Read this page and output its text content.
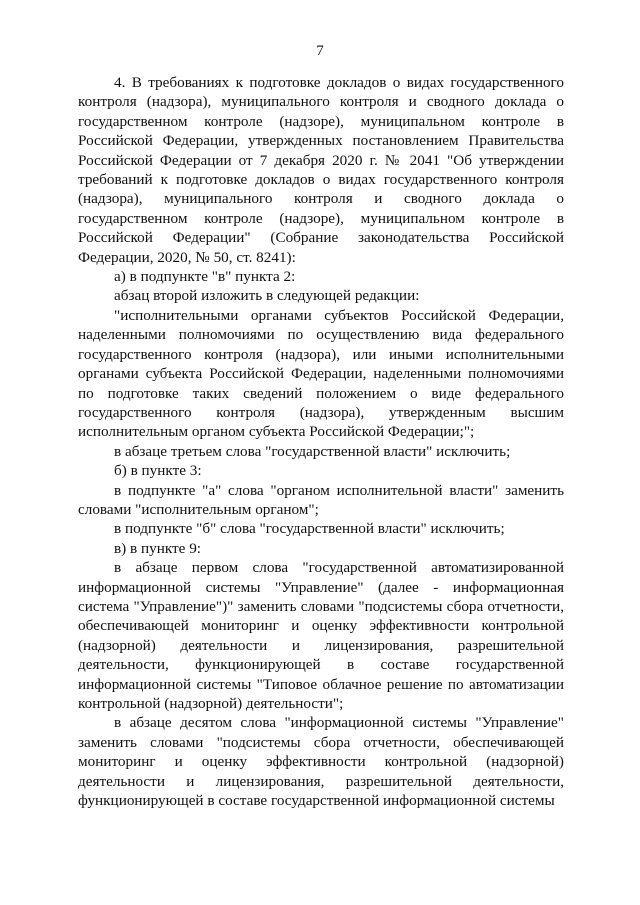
7

4. В требованиях к подготовке докладов о видах государственного контроля (надзора), муниципального контроля и сводного доклада о государственном контроле (надзоре), муниципальном контроле в Российской Федерации, утвержденных постановлением Правительства Российской Федерации от 7 декабря 2020 г. № 2041 "Об утверждении требований к подготовке докладов о видах государственного контроля (надзора), муниципального контроля и сводного доклада о государственном контроле (надзоре), муниципальном контроле в Российской Федерации" (Собрание законодательства Российской Федерации, 2020, № 50, ст. 8241):

а) в подпункте "в" пункта 2:

абзац второй изложить в следующей редакции:

"исполнительными органами субъектов Российской Федерации, наделенными полномочиями по осуществлению вида федерального государственного контроля (надзора), или иными исполнительными органами субъекта Российской Федерации, наделенными полномочиями по подготовке таких сведений положением о виде федерального государственного контроля (надзора), утвержденным высшим исполнительным органом субъекта Российской Федерации;";

в абзаце третьем слова "государственной власти" исключить;

б) в пункте 3:

в подпункте "а" слова "органом исполнительной власти" заменить словами "исполнительным органом";

в подпункте "б" слова "государственной власти" исключить;

в) в пункте 9:

в абзаце первом слова "государственной автоматизированной информационной системы "Управление" (далее - информационная система "Управление")" заменить словами "подсистемы сбора отчетности, обеспечивающей мониторинг и оценку эффективности контрольной (надзорной) деятельности и лицензирования, разрешительной деятельности, функционирующей в составе государственной информационной системы "Типовое облачное решение по автоматизации контрольной (надзорной) деятельности";

в абзаце десятом слова "информационной системы "Управление" заменить словами "подсистемы сбора отчетности, обеспечивающей мониторинг и оценку эффективности контрольной (надзорной) деятельности и лицензирования, разрешительной деятельности, функционирующей в составе государственной информационной системы
